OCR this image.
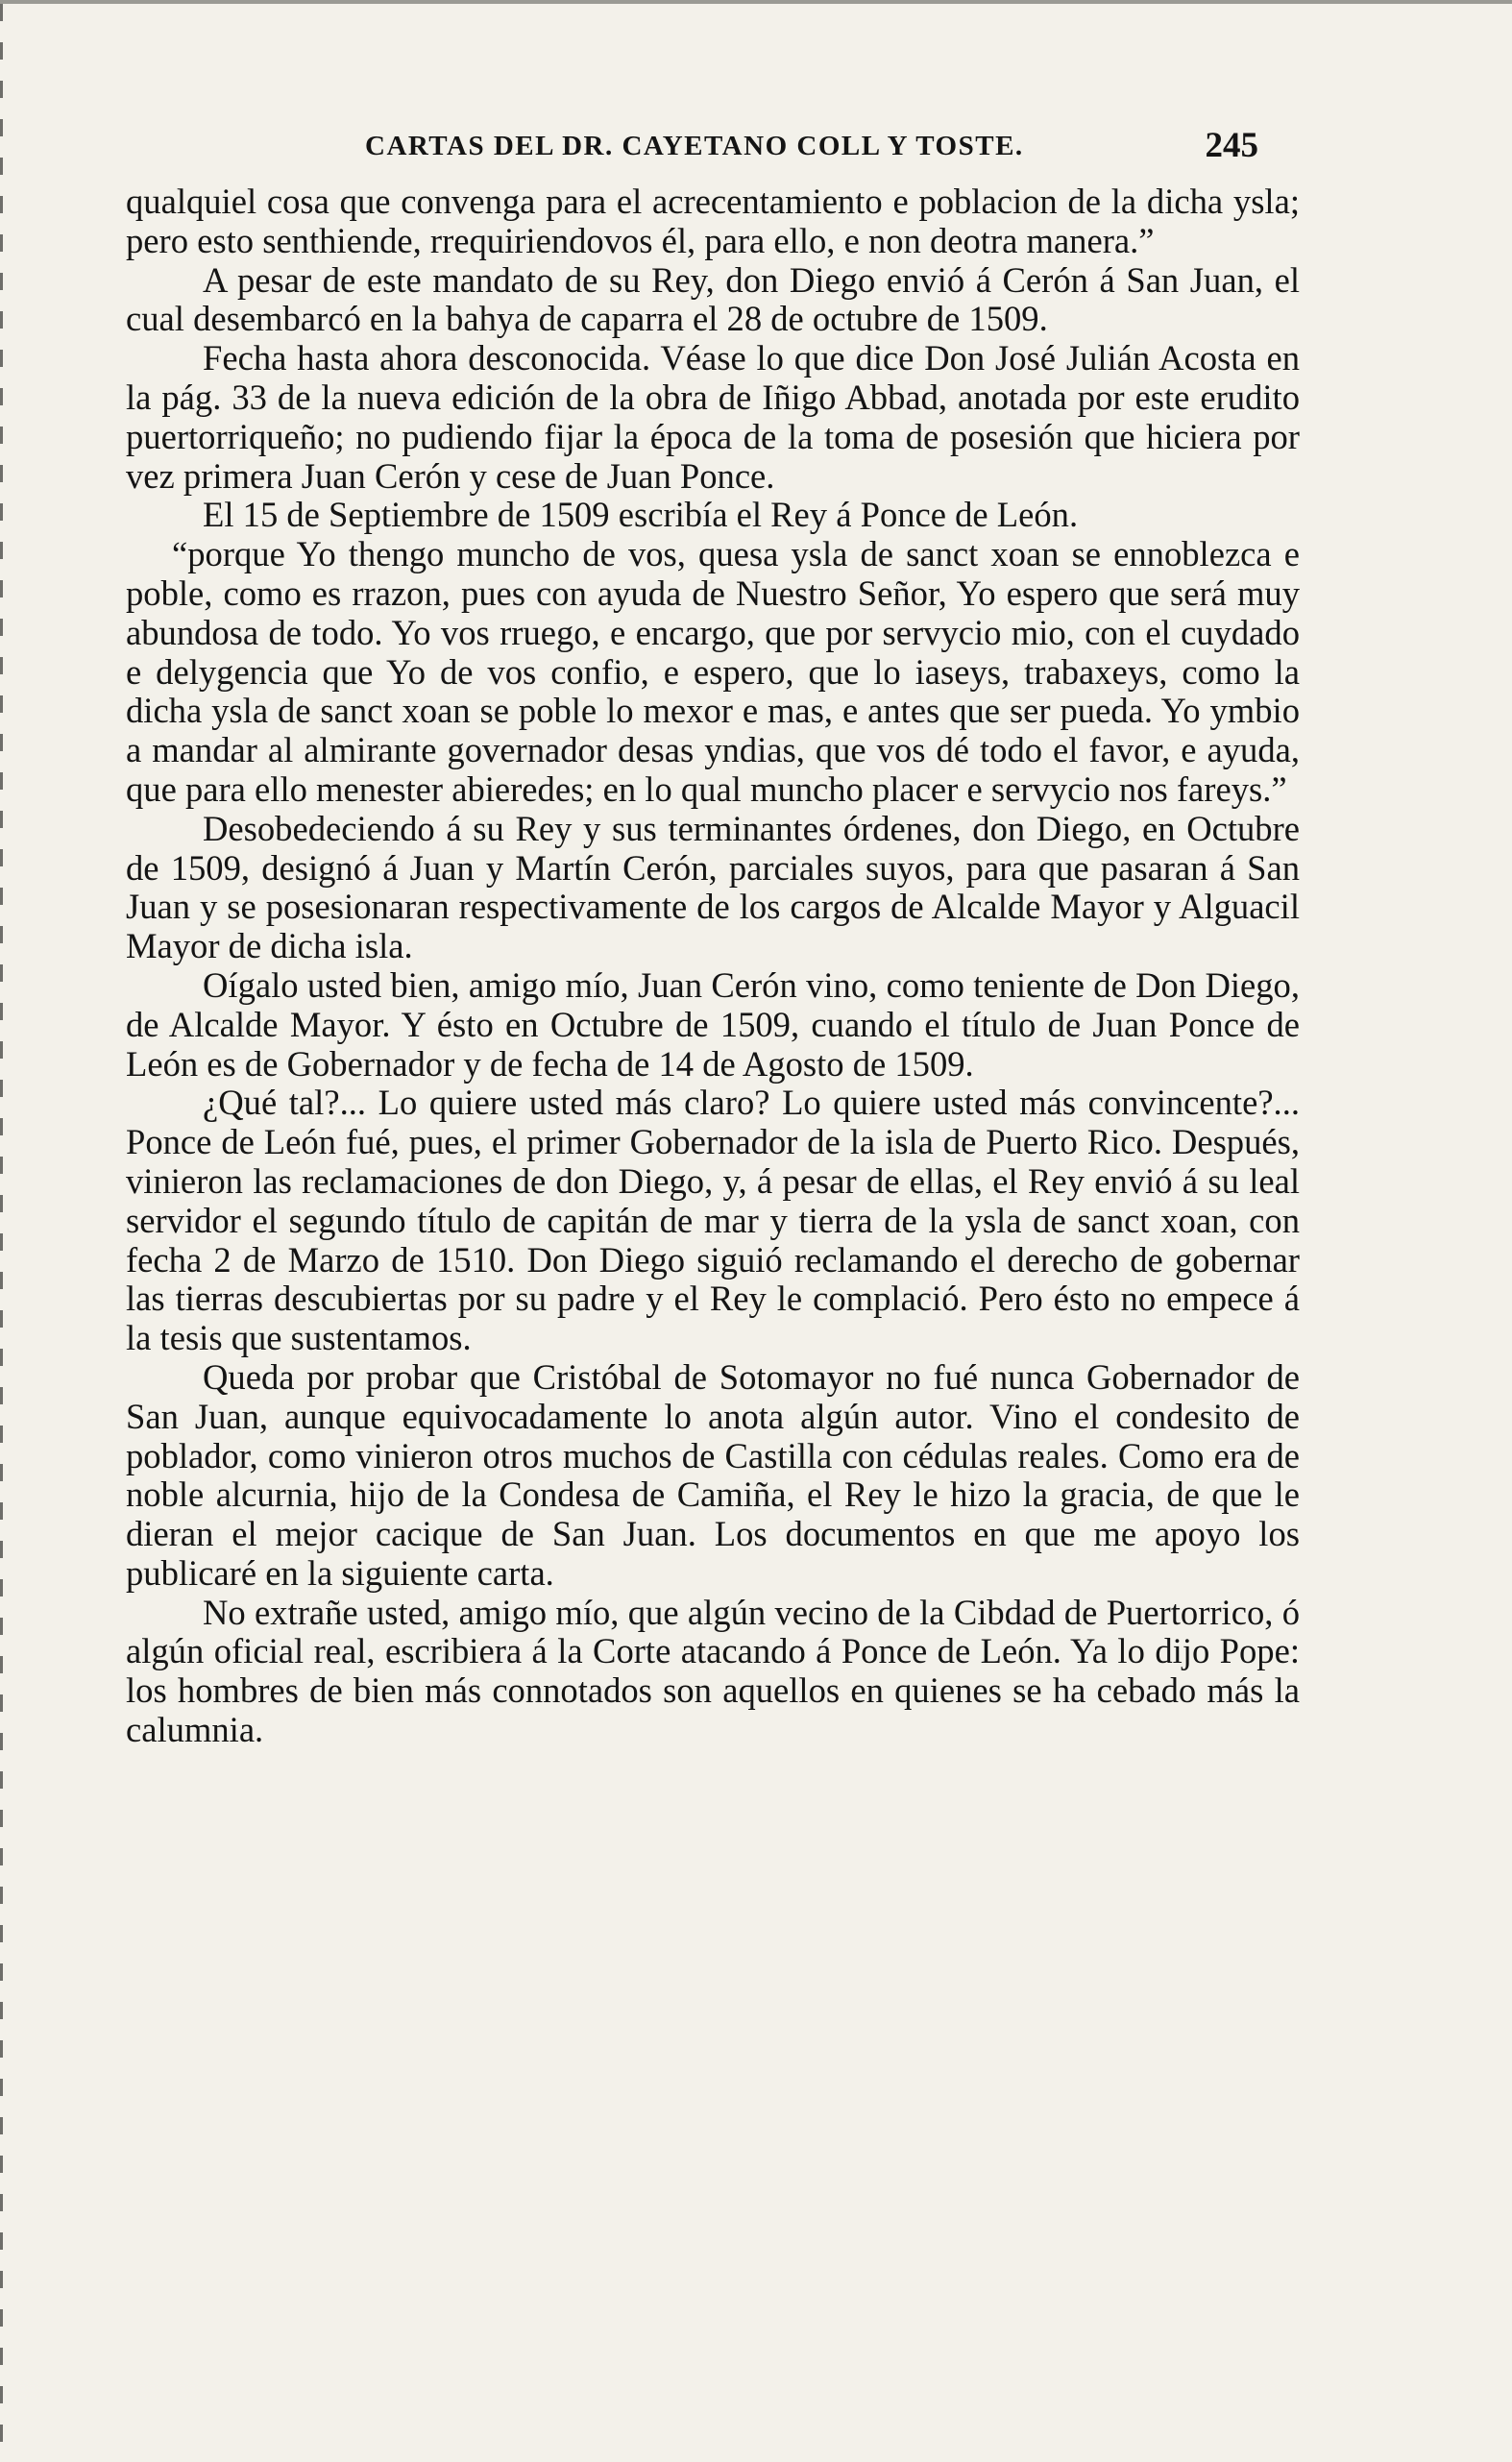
CARTAS DEL DR. CAYETANO COLL Y TOSTE.	245

qualquiel cosa que convenga para el acrecentamiento e poblacion de la dicha ysla; pero esto senthiende, rrequiriendovos él, para ello, e non deotra manera.”

A pesar de este mandato de su Rey, don Diego envió á Cerón á San Juan, el cual desembarcó en la bahya de caparra el 28 de octubre de 1509.

Fecha hasta ahora desconocida. Véase lo que dice Don José Julián Acosta en la pág. 33 de la nueva edición de la obra de Iñigo Abbad, anotada por este erudito puertorriqueño; no pudiendo fijar la época de la toma de posesión que hiciera por vez primera Juan Cerón y cese de Juan Ponce.

El 15 de Septiembre de 1509 escribía el Rey á Ponce de León.

“porque Yo thengo muncho de vos, quesa ysla de sanct xoan se ennoblezca e poble, como es rrazon, pues con ayuda de Nuestro Señor, Yo espero que será muy abundosa de todo. Yo vos rruego, e encargo, que por servycio mio, con el cuydado e delygencia que Yo de vos confio, e espero, que lo iaseys, trabaxeys, como la dicha ysla de sanct xoan se poble lo mexor e mas, e antes que ser pueda. Yo ymbio a mandar al almirante governador desas yndias, que vos dé todo el favor, e ayuda, que para ello menester abieredes; en lo qual muncho placer e servycio nos fareys.”

Desobedeciendo á su Rey y sus terminantes órdenes, don Diego, en Octubre de 1509, designó á Juan y Martín Cerón, parciales suyos, para que pasaran á San Juan y se posesionaran respectivamente de los cargos de Alcalde Mayor y Alguacil Mayor de dicha isla.

Oígalo usted bien, amigo mío, Juan Cerón vino, como teniente de Don Diego, de Alcalde Mayor. Y ésto en Octubre de 1509, cuando el título de Juan Ponce de León es de Gobernador y de fecha de 14 de Agosto de 1509.

¿Qué tal?... Lo quiere usted más claro? Lo quiere usted más convincente?... Ponce de León fué, pues, el primer Gobernador de la isla de Puerto Rico. Después, vinieron las reclamaciones de don Diego, y, á pesar de ellas, el Rey envió á su leal servidor el segundo título de capitán de mar y tierra de la ysla de sanct xoan, con fecha 2 de Marzo de 1510. Don Diego siguió reclamando el derecho de gobernar las tierras descubiertas por su padre y el Rey le complació. Pero ésto no empece á la tesis que sustentamos.

Queda por probar que Cristóbal de Sotomayor no fué nunca Gobernador de San Juan, aunque equivocadamente lo anota algún autor. Vino el condesito de poblador, como vinieron otros muchos de Castilla con cédulas reales. Como era de noble alcurnia, hijo de la Condesa de Camiña, el Rey le hizo la gracia, de que le dieran el mejor cacique de San Juan. Los documentos en que me apoyo los publicaré en la siguiente carta.

No extrañe usted, amigo mío, que algún vecino de la Cibdad de Puertorrico, ó algún oficial real, escribiera á la Corte atacando á Ponce de León. Ya lo dijo Pope: los hombres de bien más connotados son aquellos en quienes se ha cebado más la calumnia.
